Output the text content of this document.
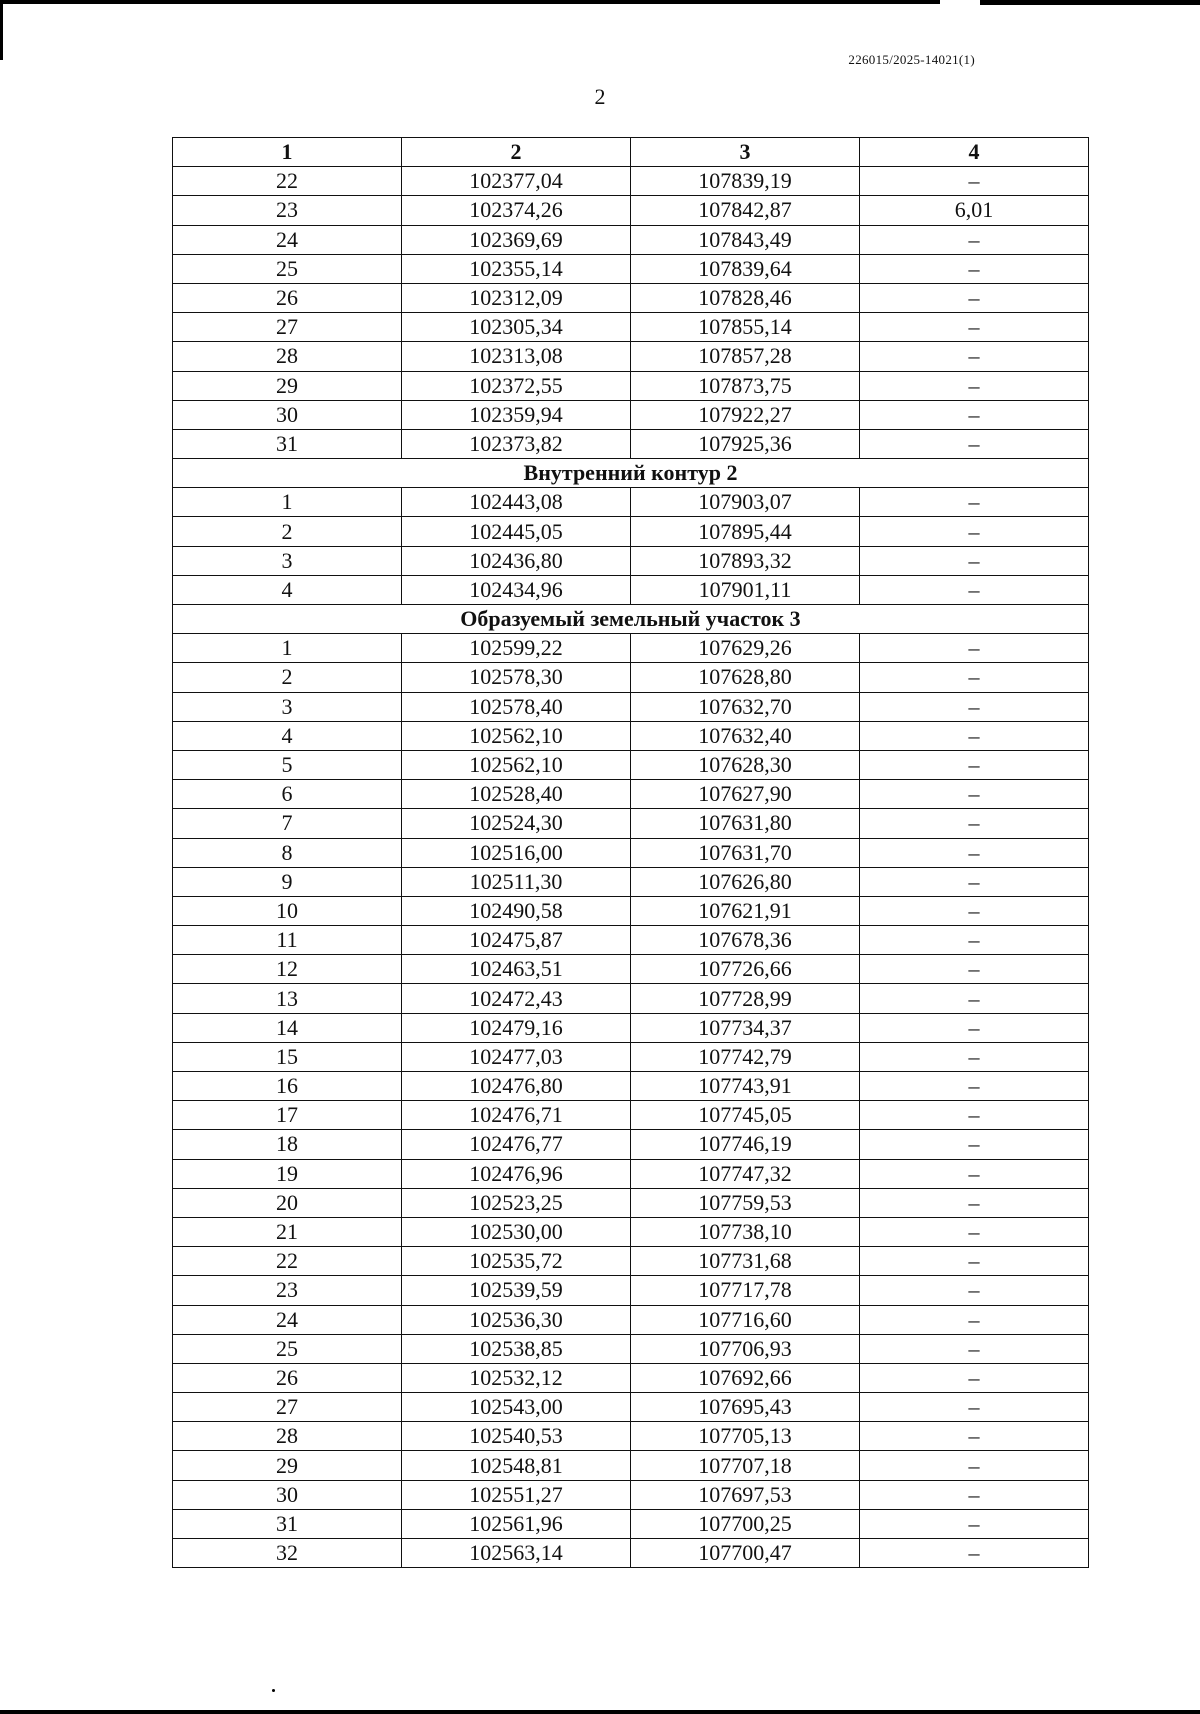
226015/2025-14021(1)
2
1	2	3	4
22	102377,04	107839,19	–
23	102374,26	107842,87	6,01
24	102369,69	107843,49	–
25	102355,14	107839,64	–
26	102312,09	107828,46	–
27	102305,34	107855,14	–
28	102313,08	107857,28	–
29	102372,55	107873,75	–
30	102359,94	107922,27	–
31	102373,82	107925,36	–
Внутренний контур 2			
1	102443,08	107903,07	–
2	102445,05	107895,44	–
3	102436,80	107893,32	–
4	102434,96	107901,11	–
Образуемый земельный участок 3			
1	102599,22	107629,26	–
2	102578,30	107628,80	–
3	102578,40	107632,70	–
4	102562,10	107632,40	–
5	102562,10	107628,30	–
6	102528,40	107627,90	–
7	102524,30	107631,80	–
8	102516,00	107631,70	–
9	102511,30	107626,80	–
10	102490,58	107621,91	–
11	102475,87	107678,36	–
12	102463,51	107726,66	–
13	102472,43	107728,99	–
14	102479,16	107734,37	–
15	102477,03	107742,79	–
16	102476,80	107743,91	–
17	102476,71	107745,05	–
18	102476,77	107746,19	–
19	102476,96	107747,32	–
20	102523,25	107759,53	–
21	102530,00	107738,10	–
22	102535,72	107731,68	–
23	102539,59	107717,78	–
24	102536,30	107716,60	–
25	102538,85	107706,93	–
26	102532,12	107692,66	–
27	102543,00	107695,43	–
28	102540,53	107705,13	–
29	102548,81	107707,18	–
30	102551,27	107697,53	–
31	102561,96	107700,25	–
32	102563,14	107700,47	–
